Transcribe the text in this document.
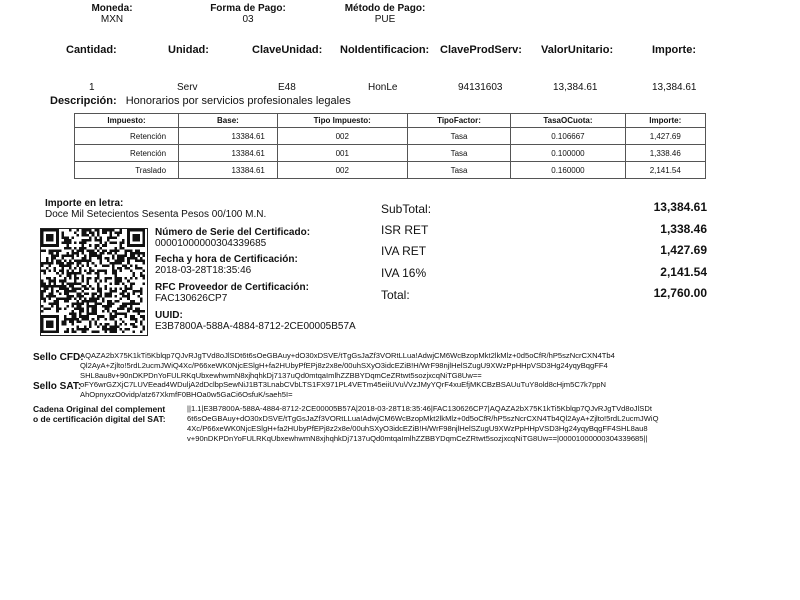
Moneda:
MXN
Forma de Pago:
03
Método de Pago:
PUE
Cantidad:	Unidad:	ClaveUnidad: NoIdentificacion: ClaveProdServ: ValorUnitario:	Importe:
1	Serv	E48	HonLe	94131603	13,384.61	13,384.61
Descripción: Honorarios por servicios profesionales legales
Impuesto:	Base:	Tipo Impuesto:	TipoFactor:	TasaOCuota:	Importe:
Retención	13384.61	002	Tasa	0.106667	1,427.69
Retención	13384.61	001	Tasa	0.100000	1,338.46
Traslado	13384.61	002	Tasa	0.160000	2,141.54
Importe en letra:
Doce Mil Setecientos Sesenta Pesos 00/100 M.N.
Número de Serie del Certificado:
00001000000304339685
Fecha y hora de Certificación:
2018-03-28T18:35:46
RFC Proveedor de Certificación:
FAC130626CP7
UUID:
E3B7800A-588A-4884-8712-2CE00005B57A
SubTotal:	13,384.61
ISR RET	1,338.46
IVA RET	1,427.69
IVA 16%	2,141.54
Total:	12,760.00
Sello CFD:
AQAZA2bX75K1kTi5Kblqp7QJvRJgTVd8oJlSDt6t6sOeGBAuy+dO30xDSVE/tTgGsJaZf3VORtLLua!AdwjCM6WcBzopMkt2lkMlz+0d5oCfR/hP5szNcrCXN4Tb4
Ql2AyA+Zjlto!5rdL2ucmJWiQ4Xc/P66xeWK0NjcESlgH+fa2HUbyPfEPj8z2x8e/00uhSXyO3idcEZiB!H/WrF98njlHelSZugU9XWzPpHHpVSD3Hg24yqyBqgFF4
SHL8au8v+90nDKPDnYoFULRKqUbxewhwmN8xjhqhkDj7137uQd0mtqaImlhZZBBYDqmCeZRtwt5sozjxcqNiTG8Uw==
Sello SAT:
oFY6wrGZXjC7LUVEead4WDuljA2dDclbpSewNiJ1BT3LnabCVbLTS1FX971PL4VETm45eiiUVu\/VzJMyYQrF4xuEfjMKCBzBSAUuTuY8old8cHjm5C7k7ppN
AhOpnyxzO0vidp/atz67XkmfF0BHOa0w5GaCi6OsfuK/saeh5I=
Cadena Original del complemento de certificación digital del SAT:
||1.1|E3B7800A-588A-4884-8712-2CE00005B57A|2018-03-28T18:35:46|FAC130626CP7|AQAZA2bX75K1kTi5Kblqp7QJvRJgTVd8oJlSDt
6t6sOeGBAuy+dO30xDSVE/tTgGsJaZf3VORtLLua!AdwjCM6WcBzopMkt2lkMlz+0d5oCfR/hP5szNcrCXN4Tb4Ql2AyA+Zjlto!5rdL2ucmJWiQ
4Xc/P66xeWK0NjcESlgH+fa2HUbyPfEPj8z2x8e/00uhSXyO3idcEZiB!H/WrF98njlHelSZugU9XWzPpHHpVSD3Hg24yqyBqgFF4SHL8au8
v+90nDKPDnYoFULRKqUbxewhwmN8xjhqhkDj7137uQd0mtqaImlhZZBBYDqmCeZRtwt5sozjxcqNiTG8Uw==|00001000000304339685||
